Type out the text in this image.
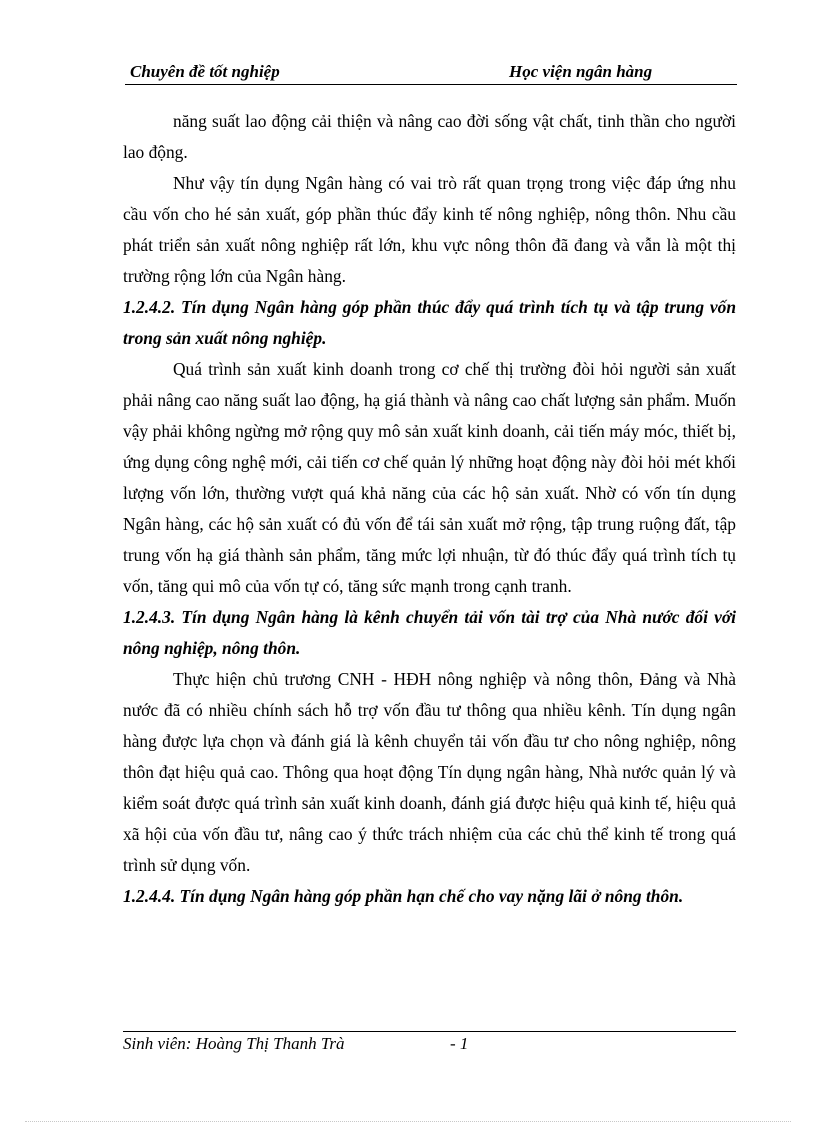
Chuyên đề tốt nghiệp	Học viện ngân hàng

năng suất lao động cải thiện và nâng cao đời sống vật chất, tinh thần cho người lao động.

Như vậy tín dụng Ngân hàng có vai trò rất quan trọng trong việc đáp ứng nhu cầu vốn cho hé sản xuất, góp phần thúc đẩy kinh tế nông nghiệp, nông thôn. Nhu cầu phát triển sản xuất nông nghiệp rất lớn, khu vực nông thôn đã đang và vẫn là một thị trường rộng lớn của Ngân hàng.

1.2.4.2. Tín dụng Ngân hàng góp phần thúc đẩy quá trình tích tụ và tập trung vốn trong sản xuất nông nghiệp.

Quá trình sản xuất kinh doanh trong cơ chế thị trường đòi hỏi người sản xuất phải nâng cao năng suất lao động, hạ giá thành và nâng cao chất lượng sản phẩm. Muốn vậy phải không ngừng mở rộng quy mô sản xuất kinh doanh, cải tiến máy móc, thiết bị, ứng dụng công nghệ mới, cải tiến cơ chế quản lý những hoạt động này đòi hỏi mét khối lượng vốn lớn, thường vượt quá khả năng của các hộ sản xuất. Nhờ có vốn tín dụng Ngân hàng, các hộ sản xuất có đủ vốn để tái sản xuất mở rộng, tập trung ruộng đất, tập trung vốn hạ giá thành sản phẩm, tăng mức lợi nhuận, từ đó thúc đẩy quá trình tích tụ vốn, tăng qui mô của vốn tự có, tăng sức mạnh trong cạnh tranh.

1.2.4.3. Tín dụng Ngân hàng là kênh chuyển tải vốn tài trợ của Nhà nước đối với nông nghiệp, nông thôn.

Thực hiện chủ trương CNH - HĐH nông nghiệp và nông thôn, Đảng và Nhà nước đã có nhiều chính sách hỗ trợ vốn đầu tư thông qua nhiều kênh. Tín dụng ngân hàng được lựa chọn và đánh giá là kênh chuyển tải vốn đầu tư cho nông nghiệp, nông thôn đạt hiệu quả cao. Thông qua hoạt động Tín dụng ngân hàng, Nhà nước quản lý và kiểm soát được quá trình sản xuất kinh doanh, đánh giá được hiệu quả kinh tế, hiệu quả xã hội của vốn đầu tư, nâng cao ý thức trách nhiệm của các chủ thể kinh tế trong quá trình sử dụng vốn.

1.2.4.4. Tín dụng Ngân hàng góp phần hạn chế cho vay nặng lãi ở nông thôn.
Sinh viên: Hoàng Thị Thanh Trà	- 1
